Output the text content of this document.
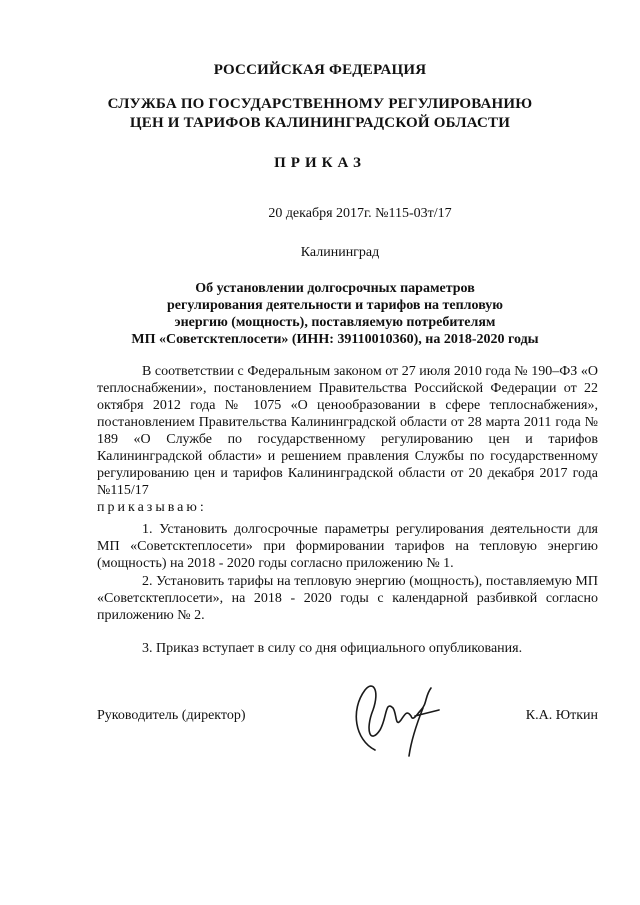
РОССИЙСКАЯ ФЕДЕРАЦИЯ
СЛУЖБА ПО ГОСУДАРСТВЕННОМУ РЕГУЛИРОВАНИЮ
ЦЕН И ТАРИФОВ КАЛИНИНГРАДСКОЙ ОБЛАСТИ
ПРИКАЗ
20 декабря 2017г. №115-03т/17
Калининград
Об установлении долгосрочных параметров
регулирования деятельности и тарифов на тепловую
энергию (мощность), поставляемую потребителям
МП «Советсктеплосети» (ИНН: 39110010360), на 2018-2020 годы
В соответствии с Федеральным законом от 27 июля 2010 года № 190–ФЗ «О теплоснабжении», постановлением Правительства Российской Федерации от 22 октября 2012 года № 1075 «О ценообразовании в сфере теплоснабжения», постановлением Правительства Калининградской области от 28 марта 2011 года № 189 «О Службе по государственному регулированию цен и тарифов Калининградской области» и решением правления Службы по государственному регулированию цен и тарифов Калининградской области от 20 декабря 2017 года №115/17
приказываю:
1. Установить долгосрочные параметры регулирования деятельности для МП «Советсктеплосети» при формировании тарифов на тепловую энергию (мощность) на 2018 - 2020 годы согласно приложению № 1.
2. Установить тарифы на тепловую энергию (мощность), поставляемую МП «Советсктеплосети», на 2018 - 2020 годы с календарной разбивкой согласно приложению № 2.
3. Приказ вступает в силу со дня официального опубликования.
Руководитель (директор)	К.А. Юткин
